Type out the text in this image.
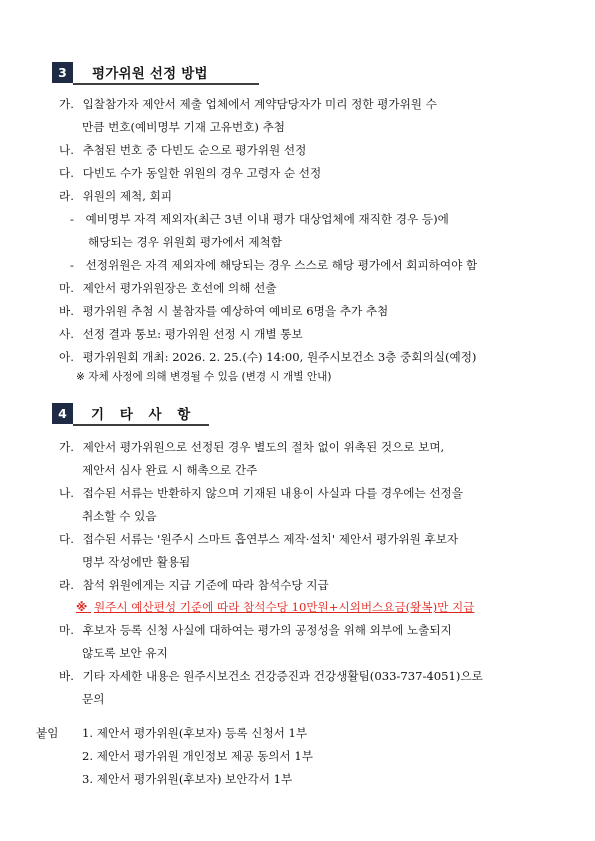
3	평가위원 선정 방법
가. 입찰참가자 제안서 제출 업체에서 계약담당자가 미리 정한 평가위원 수
만큼 번호(예비명부 기재 고유번호) 추첨
나. 추첨된 번호 중 다빈도 순으로 평가위원 선정
다. 다빈도 수가 동일한 위원의 경우 고령자 순 선정
라. 위원의 제척, 회피
- 예비명부 자격 제외자(최근 3년 이내 평가 대상업체에 재직한 경우 등)에
해당되는 경우 위원회 평가에서 제척함
- 선정위원은 자격 제외자에 해당되는 경우 스스로 해당 평가에서 회피하여야 함
마. 제안서 평가위원장은 호선에 의해 선출
바. 평가위원 추첨 시 불참자를 예상하여 예비로 6명을 추가 추첨
사. 선정 결과 통보: 평가위원 선정 시 개별 통보
아. 평가위원회 개최: 2026. 2. 25.(수) 14:00, 원주시보건소 3층 중회의실(예정)
※ 자체 사정에 의해 변경될 수 있음 (변경 시 개별 안내)
4	기 타 사 항
가. 제안서 평가위원으로 선정된 경우 별도의 절차 없이 위촉된 것으로 보며,
제안서 심사 완료 시 해촉으로 간주
나. 접수된 서류는 반환하지 않으며 기재된 내용이 사실과 다를 경우에는 선정을
취소할 수 있음
다. 접수된 서류는 '원주시 스마트 흡연부스 제작·설치' 제안서 평가위원 후보자
명부 작성에만 활용됨
라. 참석 위원에게는 지급 기준에 따라 참석수당 지급
※ 원주시 예산편성 기준에 따라 참석수당 10만원+시외버스요금(왕복)만 지급
마. 후보자 등록 신청 사실에 대하여는 평가의 공정성을 위해 외부에 노출되지
않도록 보안 유지
바. 기타 자세한 내용은 원주시보건소 건강증진과 건강생활팀(033-737-4051)으로
문의
붙임 1. 제안서 평가위원(후보자) 등록 신청서 1부
2. 제안서 평가위원 개인정보 제공 동의서 1부
3. 제안서 평가위원(후보자) 보안각서 1부
